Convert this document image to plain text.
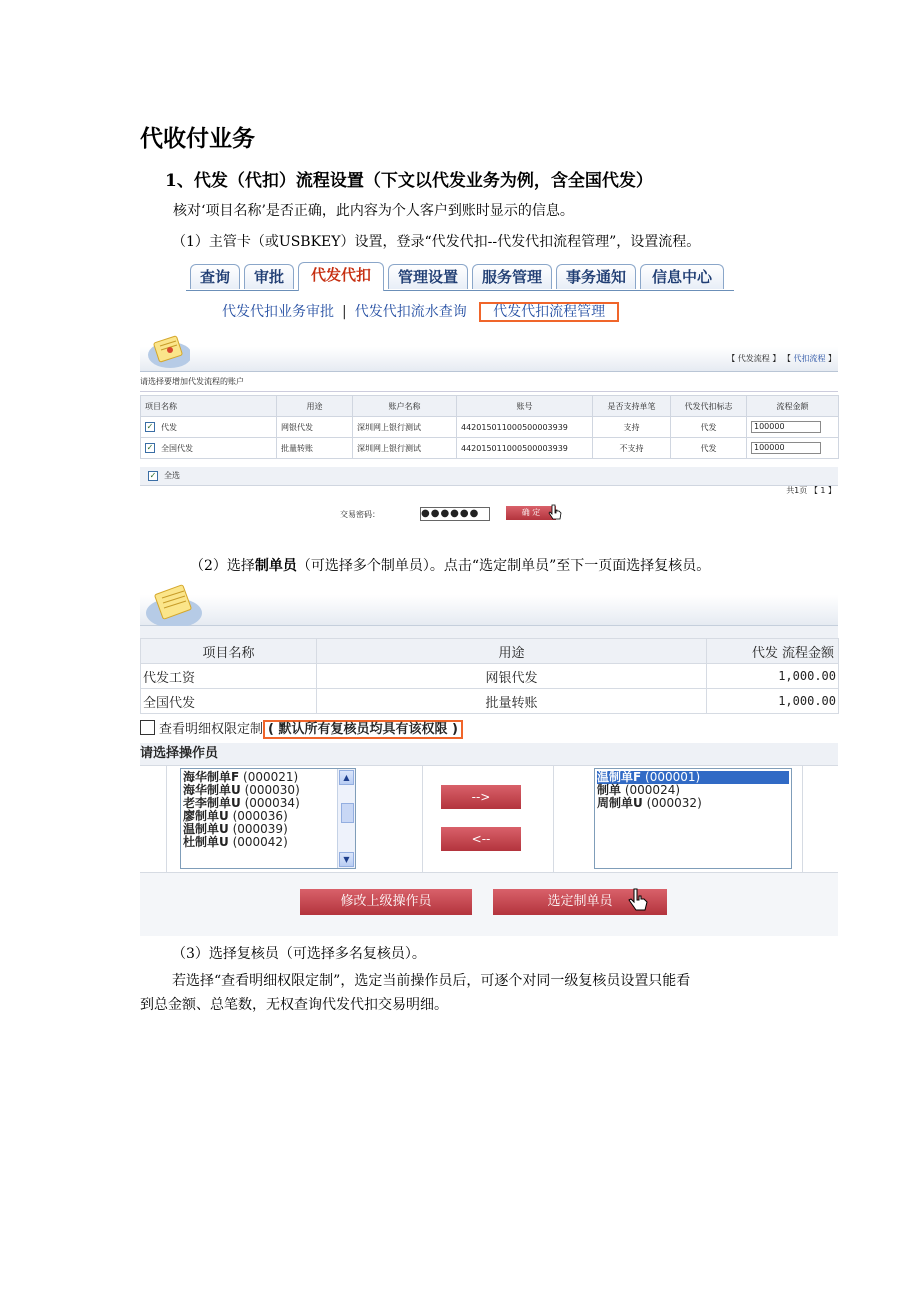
代收付业务
1、代发（代扣）流程设置（下文以代发业务为例，含全国代发）
核对‘项目名称’是否正确，此内容为个人客户到账时显示的信息。
（1）主管卡（或USBKEY）设置，登录“代发代扣--代发代扣流程管理”，设置流程。
查询	审批	代发代扣	管理设置	服务管理	事务通知	信息中心
代发代扣业务审批 | 代发代扣流水查询 代发代扣流程管理
【 代发流程 】 【 代扣流程 】
请选择要增加代发流程的账户
项目名称	用途	账户名称	账号	是否支持单笔	代发代扣标志	流程金额
✓ 代发	网银代发	深圳网上银行测试	442015011000500003939	支持	代发	100000
✓ 全国代发	批量转账	深圳网上银行测试	442015011000500003939	不支持	代发	100000
✓ 全选
共1页 【 1 】
交易密码：	●●●●●●	确 定
（2）选择制单员（可选择多个制单员）。点击“选定制单员”至下一页面选择复核员。
项目名称	用途	代发 流程金额
代发工资	网银代发	1,000.00
全国代发	批量转账	1,000.00
查看明细权限定制 ( 默认所有复核员均具有该权限 )
请选择操作员
海华制单F (000021)
海华制单U (000030)
老李制单U (000034)
廖制单U (000036)
温制单U (000039)
杜制单U (000042)
▲
▼
-->
<--
温制单F (000001)
制单 (000024)
周制单U (000032)
修改上级操作员	选定制单员
（3）选择复核员（可选择多名复核员）。
若选择“查看明细权限定制”，选定当前操作员后，可逐个对同一级复核员设置只能看
到总金额、总笔数，无权查询代发代扣交易明细。
